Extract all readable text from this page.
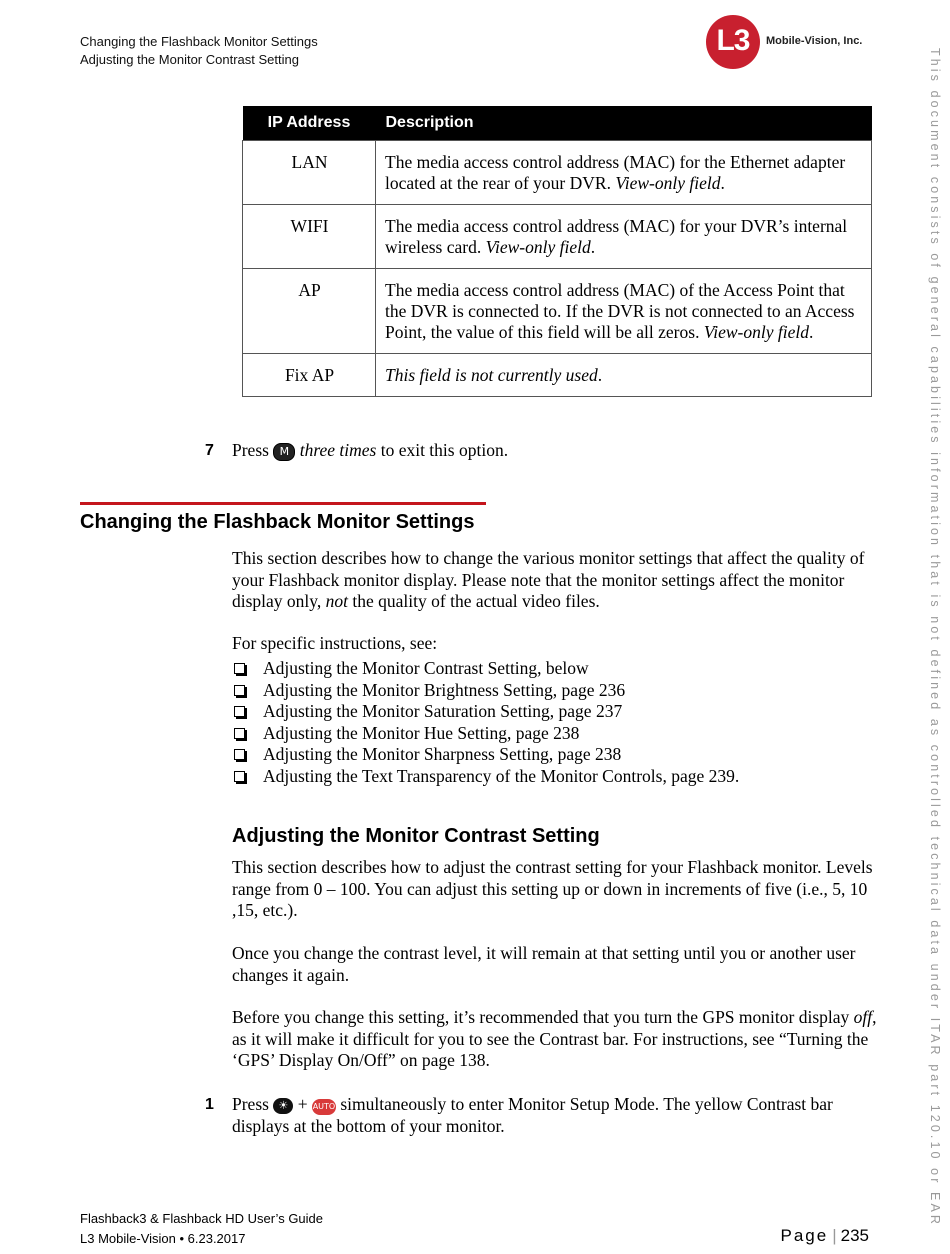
Changing the Flashback Monitor Settings
Adjusting the Monitor Contrast Setting
L3	Mobile-Vision, Inc.
This document consists of general capabilities information that is not defined as controlled technical data under ITAR part 120.10 or EAR
IP Address	Description
LAN	The media access control address (MAC) for the Ethernet adapter located at the rear of your DVR. View-only field.
WIFI	The media access control address (MAC) for your DVR’s internal wireless card. View-only field.
AP	The media access control address (MAC) of the Access Point that the DVR is connected to. If the DVR is not connected to an Access Point, the value of this field will be all zeros. View-only field.
Fix AP	This field is not currently used.
7 Press M three times to exit this option.
Changing the Flashback Monitor Settings

This section describes how to change the various monitor settings that affect the quality of your Flashback monitor display. Please note that the monitor settings affect the monitor display only, not the quality of the actual video files.

For specific instructions, see:

Adjusting the Monitor Contrast Setting, below
Adjusting the Monitor Brightness Setting, page 236
Adjusting the Monitor Saturation Setting, page 237
Adjusting the Monitor Hue Setting, page 238
Adjusting the Monitor Sharpness Setting, page 238
Adjusting the Text Transparency of the Monitor Controls, page 239.
Adjusting the Monitor Contrast Setting

This section describes how to adjust the contrast setting for your Flashback monitor. Levels range from 0 – 100. You can adjust this setting up or down in increments of five (i.e., 5, 10 ,15, etc.).

Once you change the contrast level, it will remain at that setting until you or another user changes it again.

Before you change this setting, it’s recommended that you turn the GPS monitor display off, as it will make it difficult for you to see the Contrast bar. For instructions, see “Turning the ‘GPS’ Display On/Off” on page 138.

1 Press ☀ + AUTO simultaneously to enter Monitor Setup Mode. The yellow Contrast bar displays at the bottom of your monitor.
Flashback3 & Flashback HD User’s Guide
L3 Mobile-Vision • 6.23.2017	Page | 235
